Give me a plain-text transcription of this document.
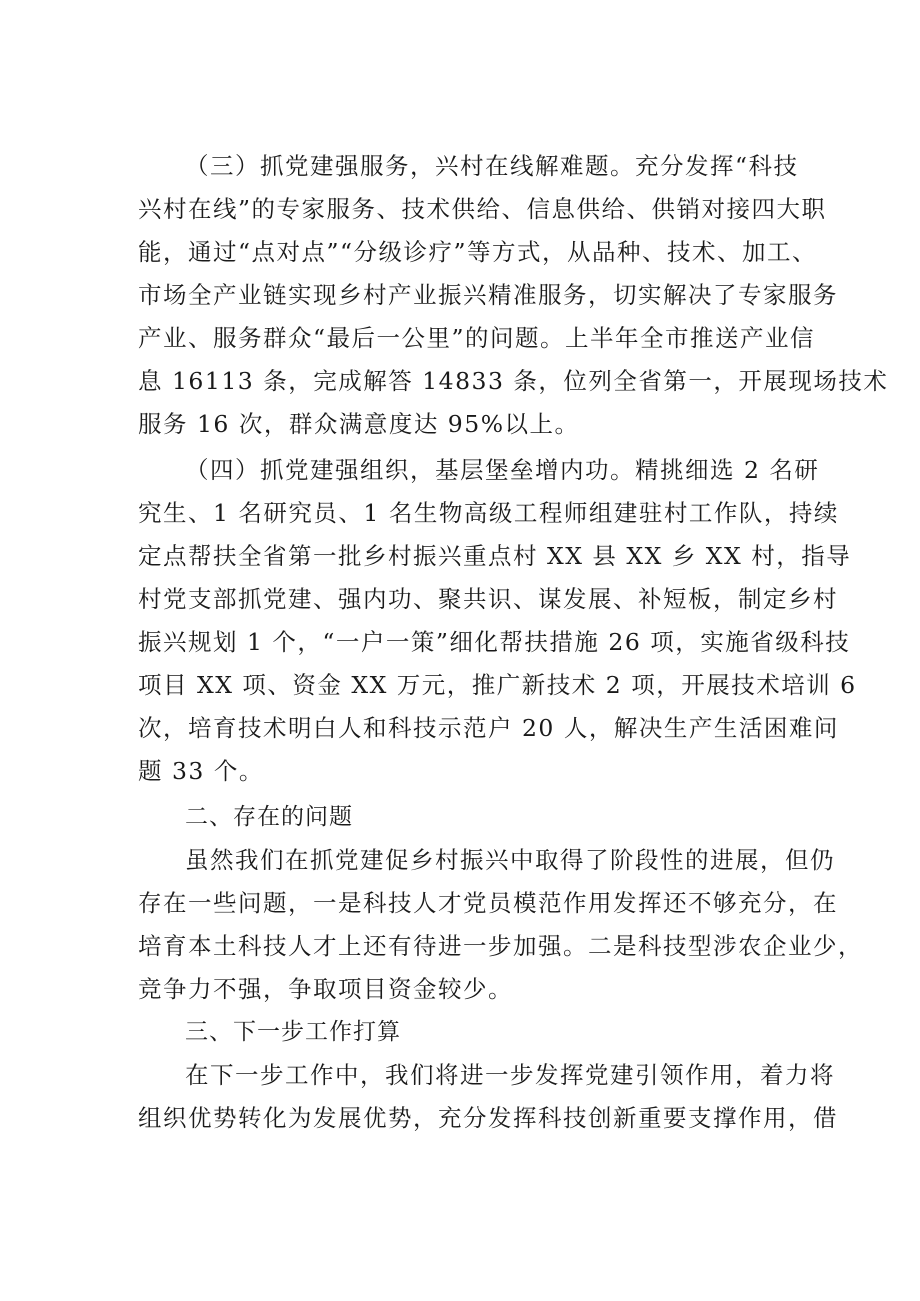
（三）抓党建强服务，兴村在线解难题。充分发挥“科技
兴村在线”的专家服务、技术供给、信息供给、供销对接四大职
能，通过“点对点”“分级诊疗”等方式，从品种、技术、加工、
市场全产业链实现乡村产业振兴精准服务，切实解决了专家服务
产业、服务群众“最后一公里”的问题。上半年全市推送产业信
息 16113 条，完成解答 14833 条，位列全省第一，开展现场技术
服务 16 次，群众满意度达 95%以上。
（四）抓党建强组织，基层堡垒增内功。精挑细选 2 名研
究生、1 名研究员、1 名生物高级工程师组建驻村工作队，持续
定点帮扶全省第一批乡村振兴重点村 XX 县 XX 乡 XX 村，指导
村党支部抓党建、强内功、聚共识、谋发展、补短板，制定乡村
振兴规划 1 个，“一户一策”细化帮扶措施 26 项，实施省级科技
项目 XX 项、资金 XX 万元，推广新技术 2 项，开展技术培训 6
次，培育技术明白人和科技示范户 20 人，解决生产生活困难问
题 33 个。
二、存在的问题
虽然我们在抓党建促乡村振兴中取得了阶段性的进展，但仍
存在一些问题，一是科技人才党员模范作用发挥还不够充分，在
培育本土科技人才上还有待进一步加强。二是科技型涉农企业少，
竞争力不强，争取项目资金较少。
三、下一步工作打算
在下一步工作中，我们将进一步发挥党建引领作用，着力将
组织优势转化为发展优势，充分发挥科技创新重要支撑作用，借
